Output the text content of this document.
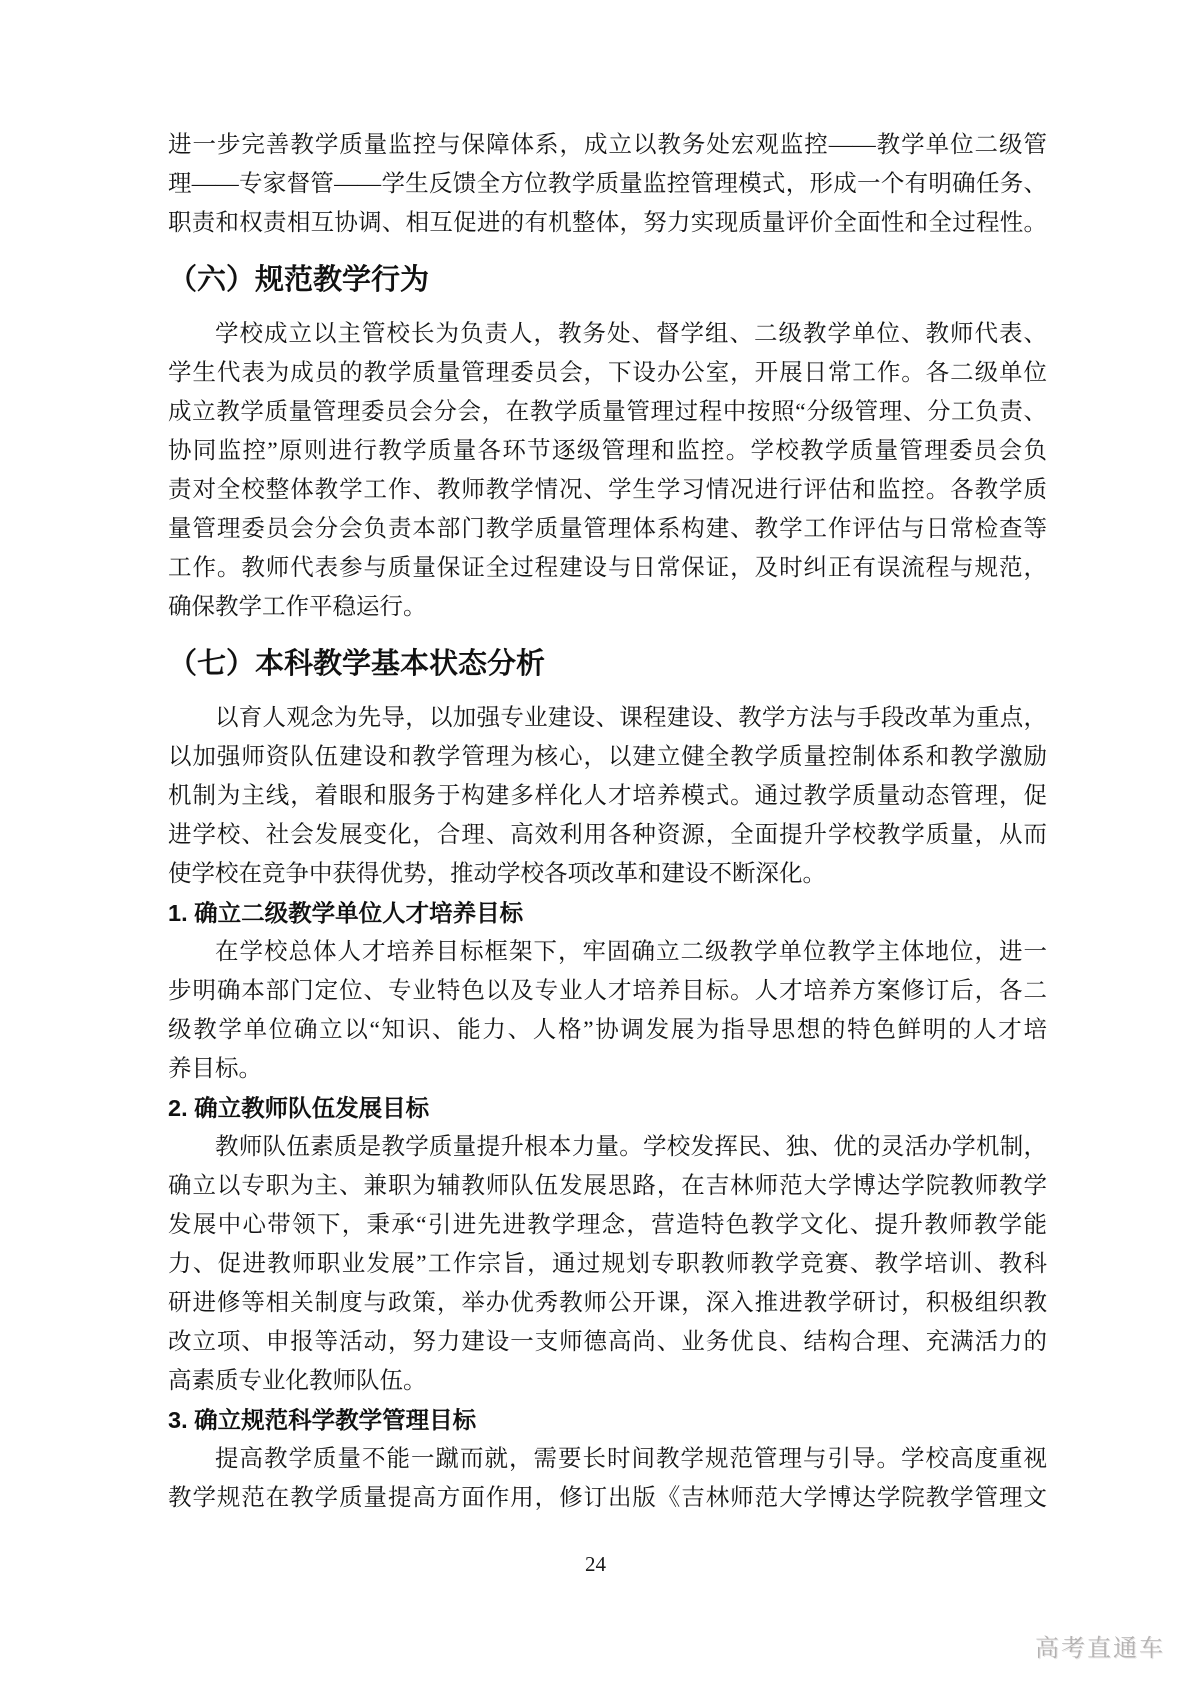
进一步完善教学质量监控与保障体系，成立以教务处宏观监控——教学单位二级管
理——专家督管——学生反馈全方位教学质量监控管理模式，形成一个有明确任务、
职责和权责相互协调、相互促进的有机整体，努力实现质量评价全面性和全过程性。
（六）规范教学行为
学校成立以主管校长为负责人，教务处、督学组、二级教学单位、教师代表、
学生代表为成员的教学质量管理委员会，下设办公室，开展日常工作。各二级单位
成立教学质量管理委员会分会，在教学质量管理过程中按照“分级管理、分工负责、
协同监控”原则进行教学质量各环节逐级管理和监控。学校教学质量管理委员会负
责对全校整体教学工作、教师教学情况、学生学习情况进行评估和监控。各教学质
量管理委员会分会负责本部门教学质量管理体系构建、教学工作评估与日常检查等
工作。教师代表参与质量保证全过程建设与日常保证，及时纠正有误流程与规范，
确保教学工作平稳运行。
（七）本科教学基本状态分析
以育人观念为先导，以加强专业建设、课程建设、教学方法与手段改革为重点，
以加强师资队伍建设和教学管理为核心，以建立健全教学质量控制体系和教学激励
机制为主线，着眼和服务于构建多样化人才培养模式。通过教学质量动态管理，促
进学校、社会发展变化，合理、高效利用各种资源，全面提升学校教学质量，从而
使学校在竞争中获得优势，推动学校各项改革和建设不断深化。
1. 确立二级教学单位人才培养目标
在学校总体人才培养目标框架下，牢固确立二级教学单位教学主体地位，进一
步明确本部门定位、专业特色以及专业人才培养目标。人才培养方案修订后，各二
级教学单位确立以“知识、能力、人格”协调发展为指导思想的特色鲜明的人才培
养目标。
2. 确立教师队伍发展目标
教师队伍素质是教学质量提升根本力量。学校发挥民、独、优的灵活办学机制，
确立以专职为主、兼职为辅教师队伍发展思路，在吉林师范大学博达学院教师教学
发展中心带领下，秉承“引进先进教学理念，营造特色教学文化、提升教师教学能
力、促进教师职业发展”工作宗旨，通过规划专职教师教学竞赛、教学培训、教科
研进修等相关制度与政策，举办优秀教师公开课，深入推进教学研讨，积极组织教
改立项、申报等活动，努力建设一支师德高尚、业务优良、结构合理、充满活力的
高素质专业化教师队伍。
3. 确立规范科学教学管理目标
提高教学质量不能一蹴而就，需要长时间教学规范管理与引导。学校高度重视
教学规范在教学质量提高方面作用，修订出版《吉林师范大学博达学院教学管理文
24
高考直通车
